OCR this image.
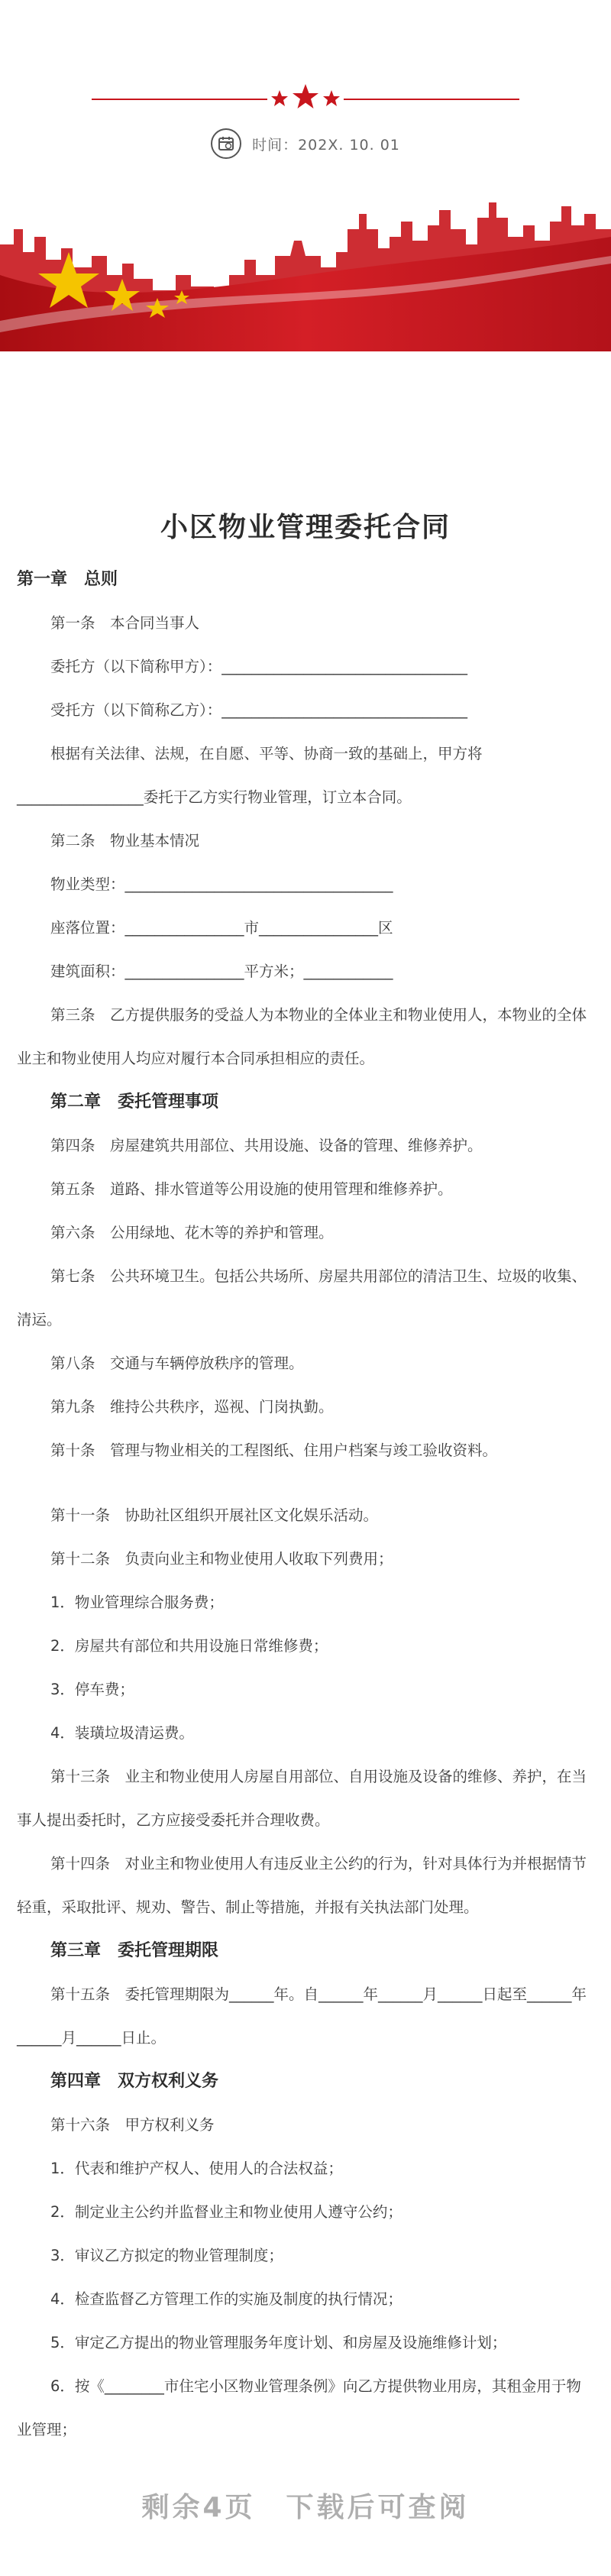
时间：202X. 10. 01
小区物业管理委托合同

第一章　总则

第一条　本合同当事人

委托方（以下简称甲方）：_________________________________

受托方（以下简称乙方）：_________________________________

根据有关法律、法规，在自愿、平等、协商一致的基础上，甲方将_________________委托于乙方实行物业管理，订立本合同。

第二条　物业基本情况

物业类型：____________________________________

座落位置：________________市________________区

建筑面积：________________平方米；____________

第三条　乙方提供服务的受益人为本物业的全体业主和物业使用人，本物业的全体业主和物业使用人均应对履行本合同承担相应的责任。

第二章　委托管理事项

第四条　房屋建筑共用部位、共用设施、设备的管理、维修养护。

第五条　道路、排水管道等公用设施的使用管理和维修养护。

第六条　公用绿地、花木等的养护和管理。

第七条　公共环境卫生。包括公共场所、房屋共用部位的清洁卫生、垃圾的收集、清运。

第八条　交通与车辆停放秩序的管理。

第九条　维持公共秩序，巡视、门岗执勤。

第十条　管理与物业相关的工程图纸、住用户档案与竣工验收资料。

第十一条　协助社区组织开展社区文化娱乐活动。

第十二条　负责向业主和物业使用人收取下列费用；

1．物业管理综合服务费；

2．房屋共有部位和共用设施日常维修费；

3．停车费；

4．装璜垃圾清运费。

第十三条　业主和物业使用人房屋自用部位、自用设施及设备的维修、养护，在当事人提出委托时，乙方应接受委托并合理收费。

第十四条　对业主和物业使用人有违反业主公约的行为，针对具体行为并根据情节轻重，采取批评、规劝、警告、制止等措施，并报有关执法部门处理。

第三章　委托管理期限

第十五条　委托管理期限为______年。自______年______月______日起至______年______月______日止。

第四章　双方权利义务

第十六条　甲方权利义务

1．代表和维护产权人、使用人的合法权益；

2．制定业主公约并监督业主和物业使用人遵守公约；

3．审议乙方拟定的物业管理制度；

4．检查监督乙方管理工作的实施及制度的执行情况；

5．审定乙方提出的物业管理服务年度计划、和房屋及设施维修计划；

6．按《________市住宅小区物业管理条例》向乙方提供物业用房，其租金用于物业管理；

剩余4页　下载后可查阅
